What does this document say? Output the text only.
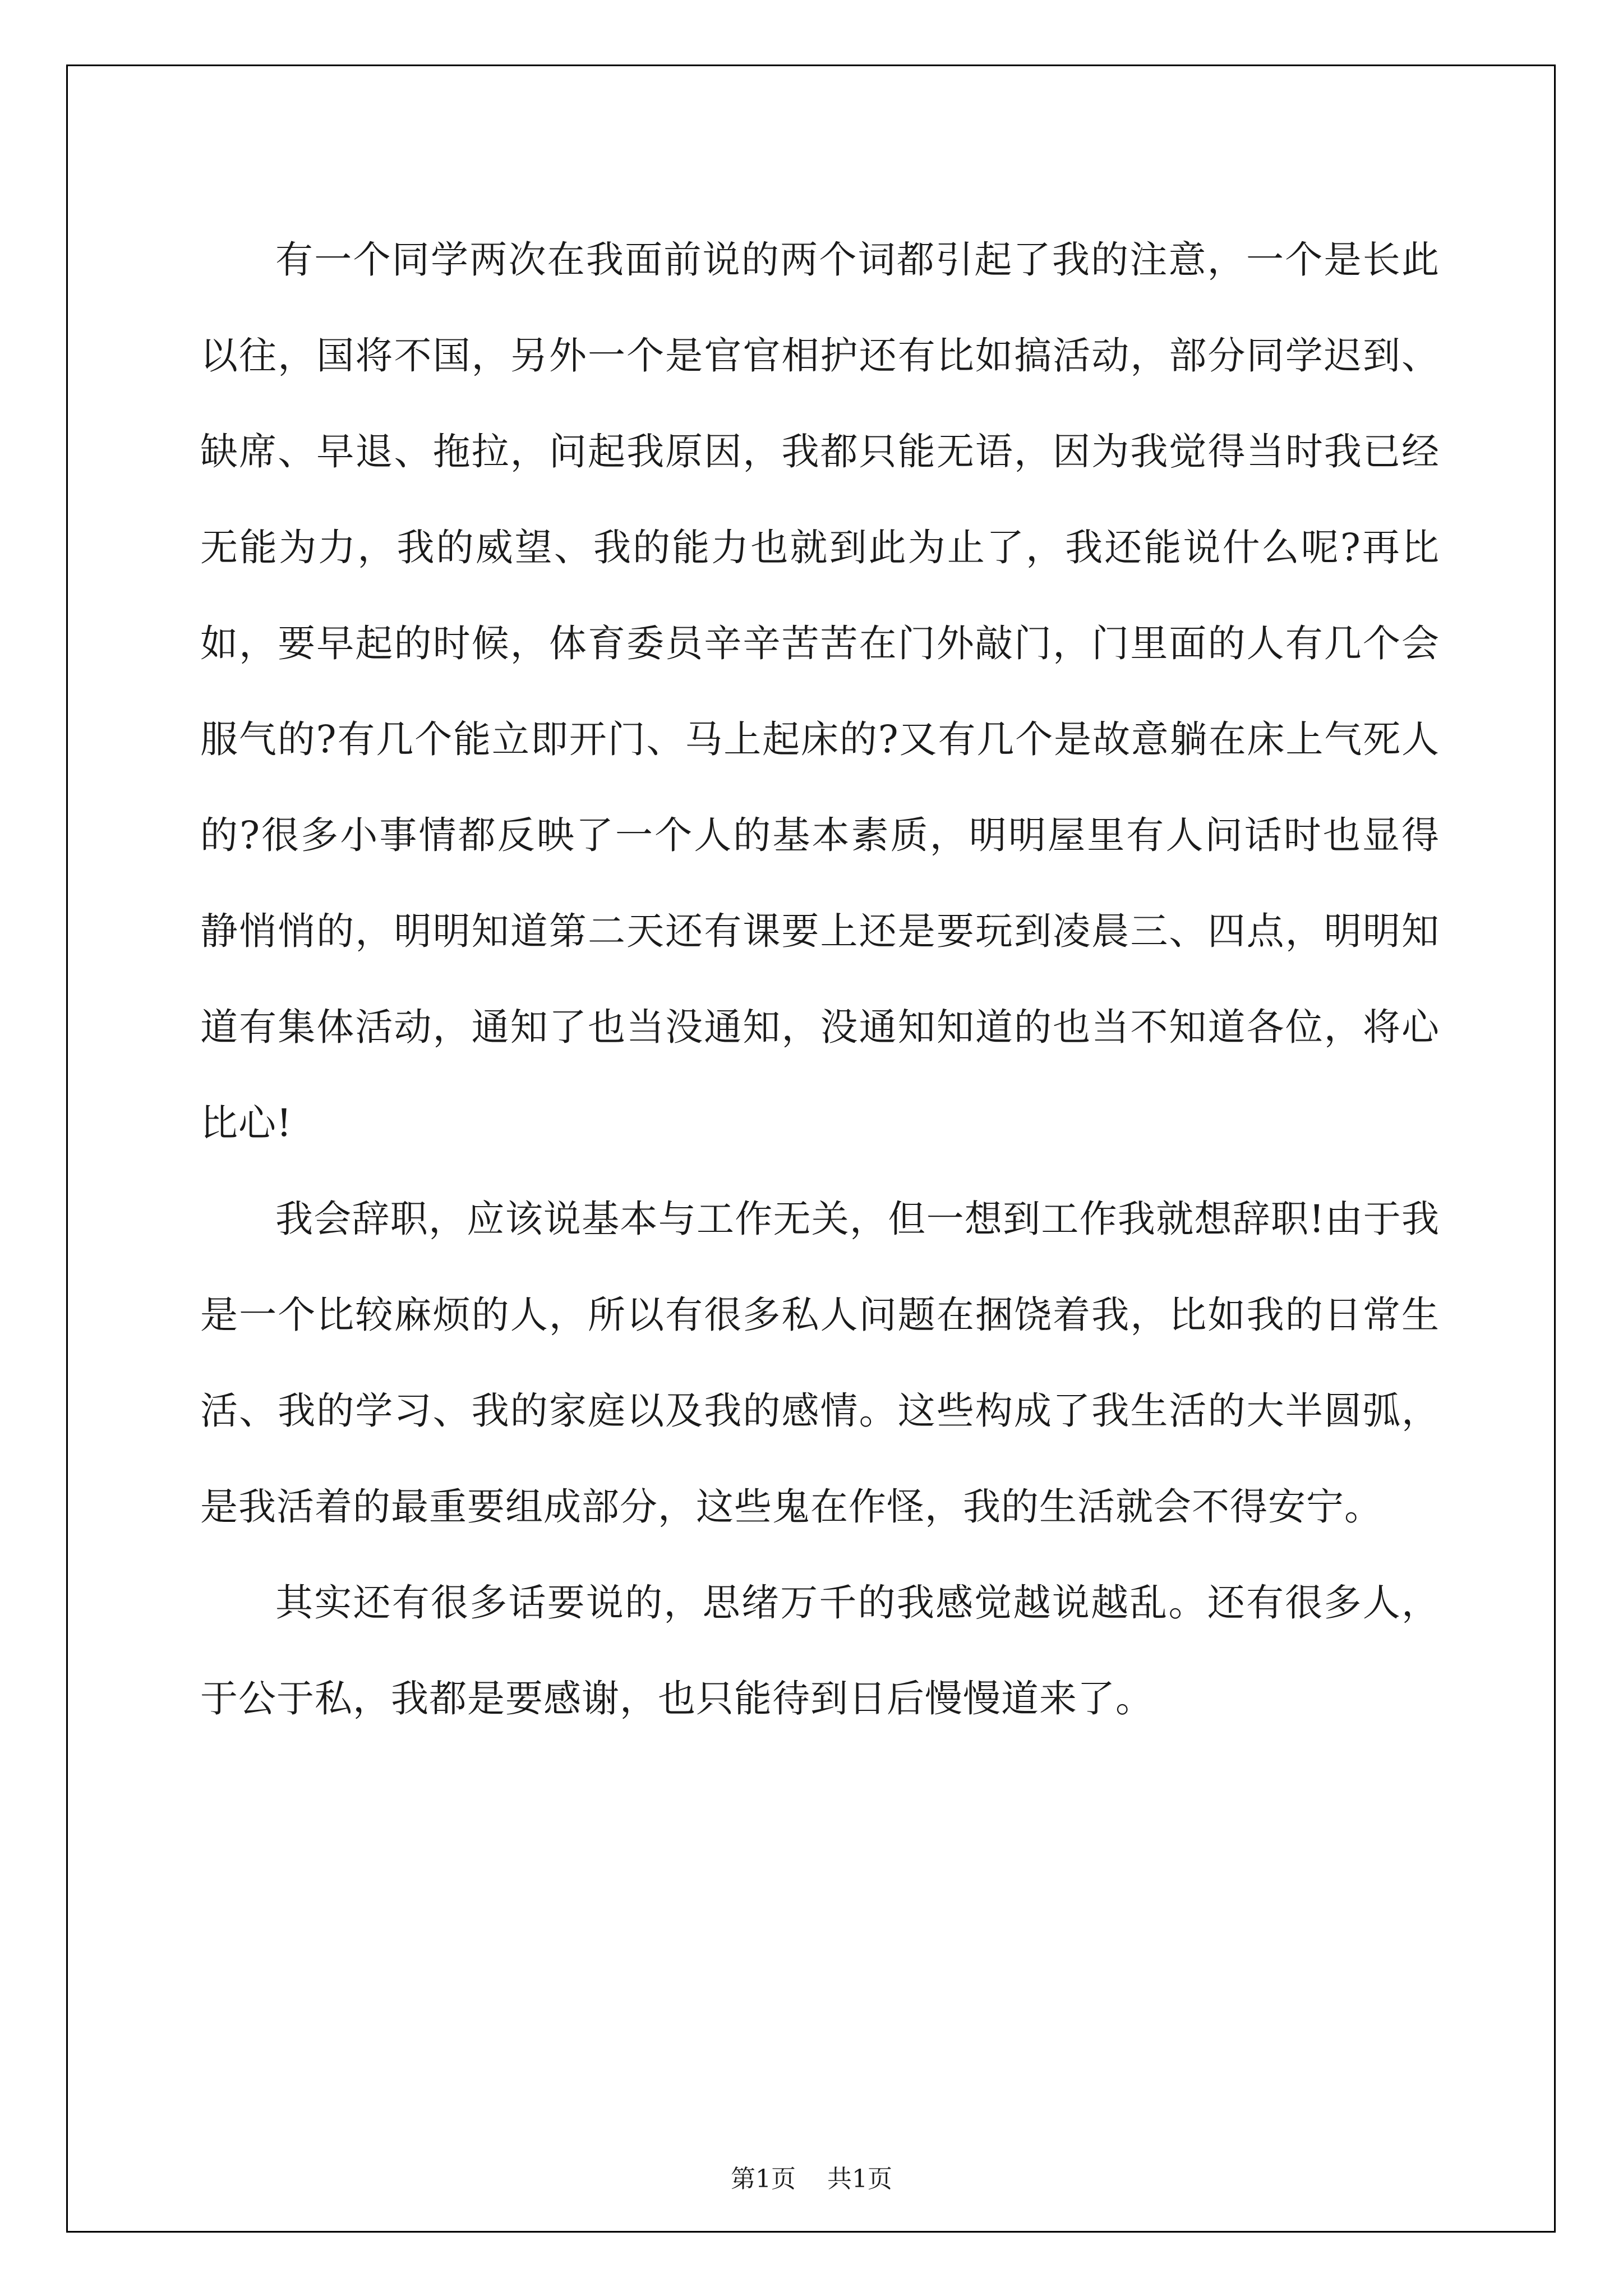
有一个同学两次在我面前说的两个词都引起了我的注意，一个是长此以往，国将不国，另外一个是官官相护还有比如搞活动，部分同学迟到、缺席、早退、拖拉，问起我原因，我都只能无语，因为我觉得当时我已经无能为力，我的威望、我的能力也就到此为止了，我还能说什么呢?再比如，要早起的时候，体育委员辛辛苦苦在门外敲门，门里面的人有几个会服气的?有几个能立即开门、马上起床的?又有几个是故意躺在床上气死人的?很多小事情都反映了一个人的基本素质，明明屋里有人问话时也显得静悄悄的，明明知道第二天还有课要上还是要玩到凌晨三、四点，明明知道有集体活动，通知了也当没通知，没通知知道的也当不知道各位，将心比心!

我会辞职，应该说基本与工作无关，但一想到工作我就想辞职!由于我是一个比较麻烦的人，所以有很多私人问题在捆饶着我，比如我的日常生活、我的学习、我的家庭以及我的感情。这些构成了我生活的大半圆弧，是我活着的最重要组成部分，这些鬼在作怪，我的生活就会不得安宁。

其实还有很多话要说的，思绪万千的我感觉越说越乱。还有很多人，于公于私，我都是要感谢，也只能待到日后慢慢道来了。

第1页 共1页
